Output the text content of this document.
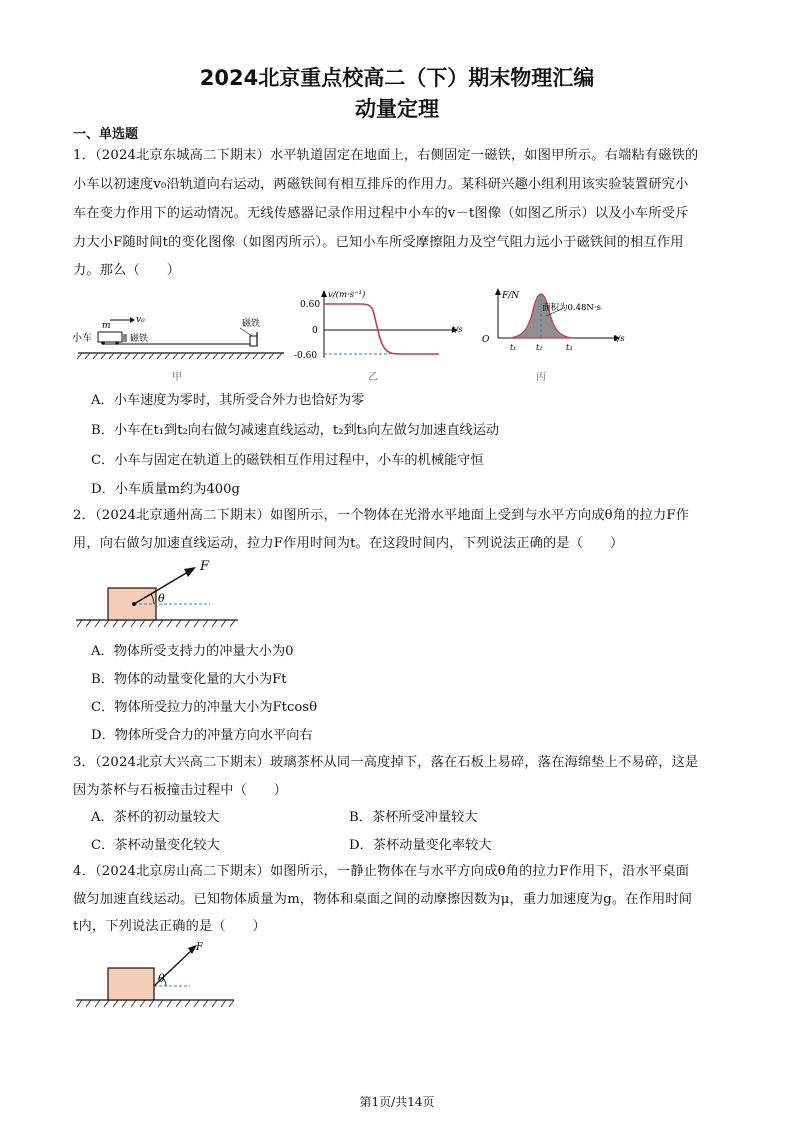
2024北京重点校高二（下）期末物理汇编
动量定理
一、单选题
1．（2024北京东城高二下期末）水平轨道固定在地面上，右侧固定一磁铁，如图甲所示。右端粘有磁铁的
小车以初速度v₀沿轨道向右运动，两磁铁间有相互排斥的作用力。某科研兴趣小组利用该实验装置研究小
车在变力作用下的运动情况。无线传感器记录作用过程中小车的v－t图像（如图乙所示）以及小车所受斥
力大小F随时间t的变化图像（如图丙所示）。已知小车所受摩擦阻力及空气阻力远小于磁铁间的相互作用
力。那么（　　）
小车
m
v₀
磁铁
磁铁
甲
v/(m·s⁻¹)
t/s
0.60
0
-0.60
乙
F/N
t/s
O
面积为0.48N·s
t₁ t₂	t₃
丙
A．小车速度为零时，其所受合外力也恰好为零
B．小车在t₁到t₂向右做匀减速直线运动，t₂到t₃向左做匀加速直线运动
C．小车与固定在轨道上的磁铁相互作用过程中，小车的机械能守恒
D．小车质量m约为400g
2．（2024北京通州高二下期末）如图所示，一个物体在光滑水平地面上受到与水平方向成θ角的拉力F作
用，向右做匀加速直线运动，拉力F作用时间为t。在这段时间内，下列说法正确的是（　　）
F
θ
A．物体所受支持力的冲量大小为0
B．物体的动量变化量的大小为Ft
C．物体所受拉力的冲量大小为Ftcosθ
D．物体所受合力的冲量方向水平向右
3．（2024北京大兴高二下期末）玻璃茶杯从同一高度掉下，落在石板上易碎，落在海绵垫上不易碎，这是
因为茶杯与石板撞击过程中（　　）
A．茶杯的初动量较大	B．茶杯所受冲量较大
C．茶杯动量变化较大	D．茶杯动量变化率较大
4．（2024北京房山高二下期末）如图所示，一静止物体在与水平方向成θ角的拉力F作用下，沿水平桌面
做匀加速直线运动。已知物体质量为m，物体和桌面之间的动摩擦因数为μ，重力加速度为g。在作用时间
t内，下列说法正确的是（　　）
F
θ
第1页/共14页
